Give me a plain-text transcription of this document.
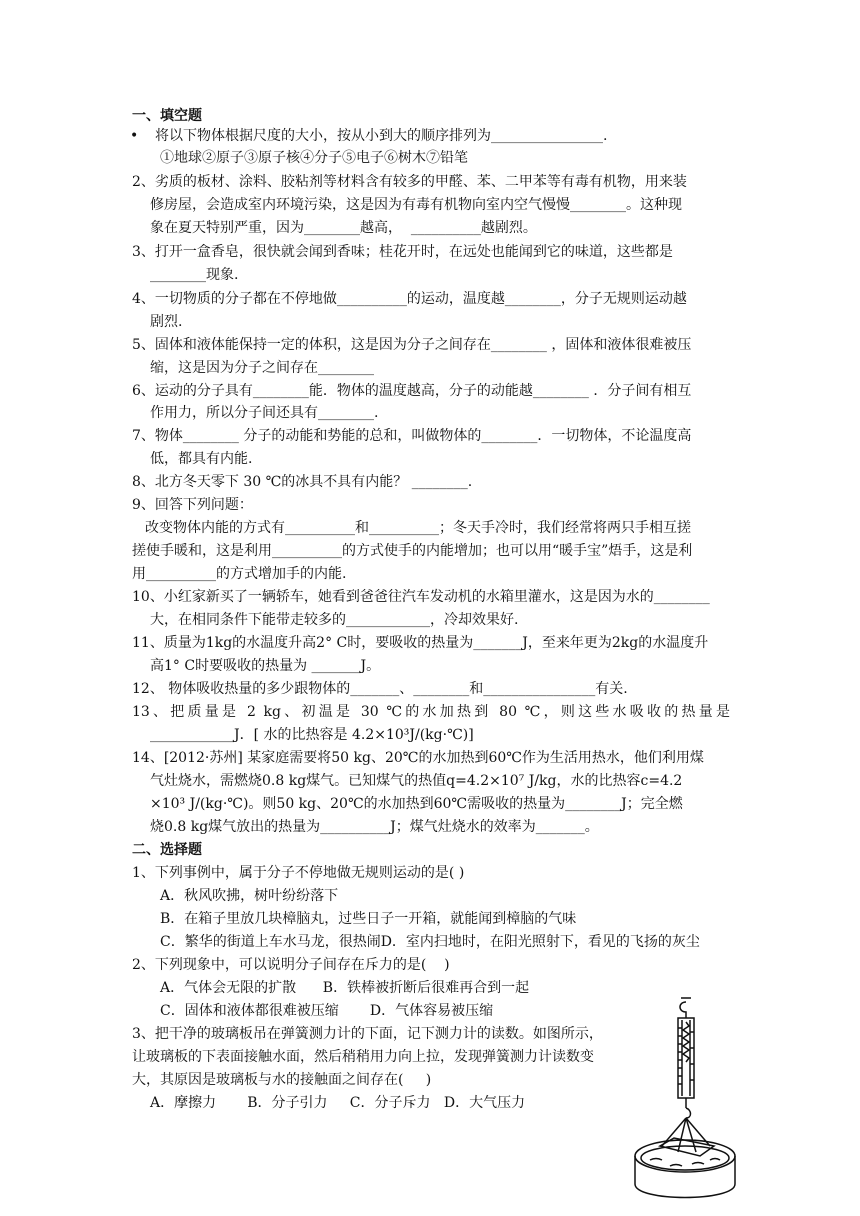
一、填空题
• 将以下物体根据尺度的大小，按从小到大的顺序排列为________________.
①地球②原子③原子核④分子⑤电子⑥树木⑦铅笔
2、劣质的板材、涂料、胶粘剂等材料含有较多的甲醛、苯、二甲苯等有毒有机物，用来装
修房屋，会造成室内环境污染，这是因为有毒有机物向室内空气慢慢________。这种现
象在夏天特别严重，因为________越高，  __________越剧烈。
3、打开一盒香皂，很快就会闻到香味；桂花开时，在远处也能闻到它的味道，这些都是
________现象.
4、一切物质的分子都在不停地做__________的运动，温度越________，分子无规则运动越
剧烈.
5、固体和液体能保持一定的体积，这是因为分子之间存在________ ，固体和液体很难被压
缩，这是因为分子之间存在________
6、运动的分子具有________能．物体的温度越高，分子的动能越________ ．分子间有相互
作用力，所以分子间还具有________.
7、物体________ 分子的动能和势能的总和，叫做物体的________．一切物体，不论温度高
低，都具有内能.
8、北方冬天零下 30 ℃的冰具不具有内能？ ________.
9、回答下列问题：
改变物体内能的方式有__________和__________；冬天手冷时，我们经常将两只手相互搓
搓使手暖和，这是利用__________的方式使手的内能增加；也可以用“暖手宝”焐手，这是利
用__________的方式增加手的内能.
10、小红家新买了一辆轿车，她看到爸爸往汽车发动机的水箱里灌水，这是因为水的________
大，在相同条件下能带走较多的____________，冷却效果好.
11、质量为1kg的水温度升高2° C时，要吸收的热量为_______J，至来年更为2kg的水温度升
高1° C时要吸收的热量为 _______J。
12、 物体吸收热量的多少跟物体的_______、________和________________有关.
13、把质量是 2 kg、初温是 30 ℃的水加热到 80 ℃，则这些水吸收的热量是
____________J．[ 水的比热容是 4.2×10³J/(kg·℃)]
14、[2012·苏州] 某家庭需要将50 kg、20℃的水加热到60℃作为生活用热水，他们利用煤
气灶烧水，需燃烧0.8 kg煤气。已知煤气的热值q=4.2×10⁷ J/kg，水的比热容c=4.2
×10³ J/(kg·℃)。则50 kg、20℃的水加热到60℃需吸收的热量为________J；完全燃
烧0.8 kg煤气放出的热量为__________J；煤气灶烧水的效率为_______。
二、选择题
1、下列事例中，属于分子不停地做无规则运动的是( )
A．秋风吹拂，树叶纷纷落下
B．在箱子里放几块樟脑丸，过些日子一开箱，就能闻到樟脑的气味
C．繁华的街道上车水马龙，很热闹D．室内扫地时，在阳光照射下，看见的飞扬的灰尘
2、下列现象中，可以说明分子间存在斥力的是(    )
A．气体会无限的扩散      B．铁棒被折断后很难再合到一起
C．固体和液体都很难被压缩       D．气体容易被压缩
3、把干净的玻璃板吊在弹簧测力计的下面，记下测力计的读数。如图所示，
让玻璃板的下表面接触水面，然后稍稍用力向上拉，发现弹簧测力计读数变
大，其原因是玻璃板与水的接触面之间存在(     )
A．摩擦力       B．分子引力     C．分子斥力   D．大气压力
